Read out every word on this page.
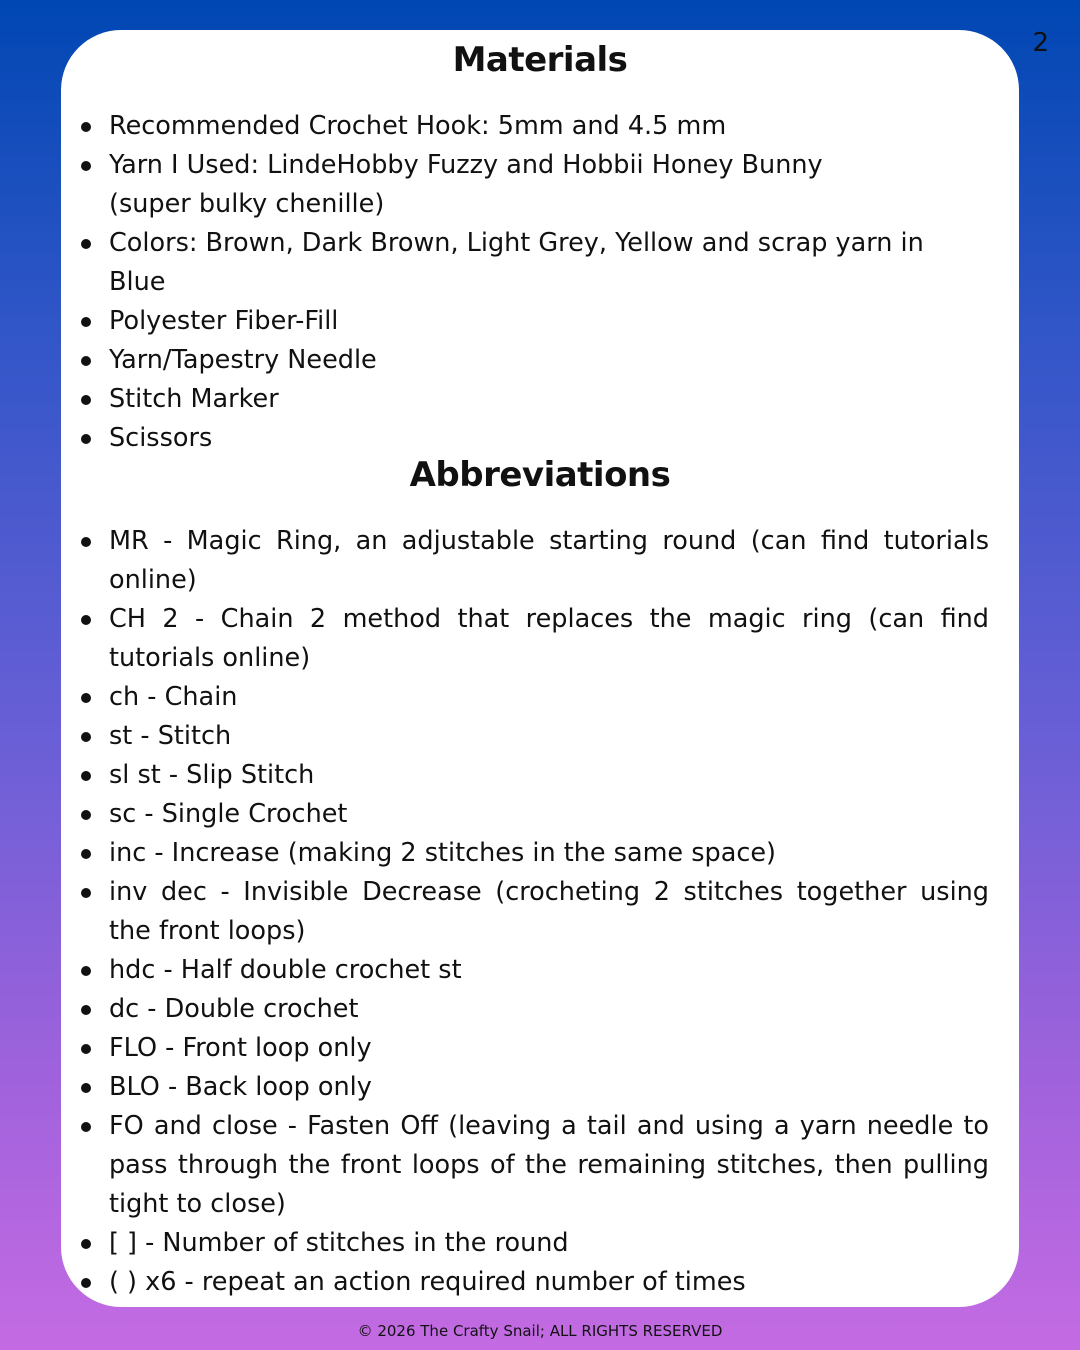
2
Materials
Recommended Crochet Hook: 5mm and 4.5 mm
Yarn I Used: LindeHobby Fuzzy and Hobbii Honey Bunny (super bulky chenille)
Colors: Brown, Dark Brown, Light Grey, Yellow and scrap yarn in Blue
Polyester Fiber-Fill
Yarn/Tapestry Needle
Stitch Marker
Scissors
Abbreviations
MR - Magic Ring, an adjustable starting round (can find tutorials online)
CH 2 - Chain 2 method that replaces the magic ring (can find tutorials online)
ch - Chain
st - Stitch
sl st - Slip Stitch
sc - Single Crochet
inc - Increase (making 2 stitches in the same space)
inv dec - Invisible Decrease (crocheting 2 stitches together using the front loops)
hdc - Half double crochet st
dc - Double crochet
FLO - Front loop only
BLO - Back loop only
FO and close - Fasten Off (leaving a tail and using a yarn needle to pass through the front loops of the remaining stitches, then pulling tight to close)
[ ] - Number of stitches in the round
( ) x6 - repeat an action required number of times
© 2026 The Crafty Snail; ALL RIGHTS RESERVED
